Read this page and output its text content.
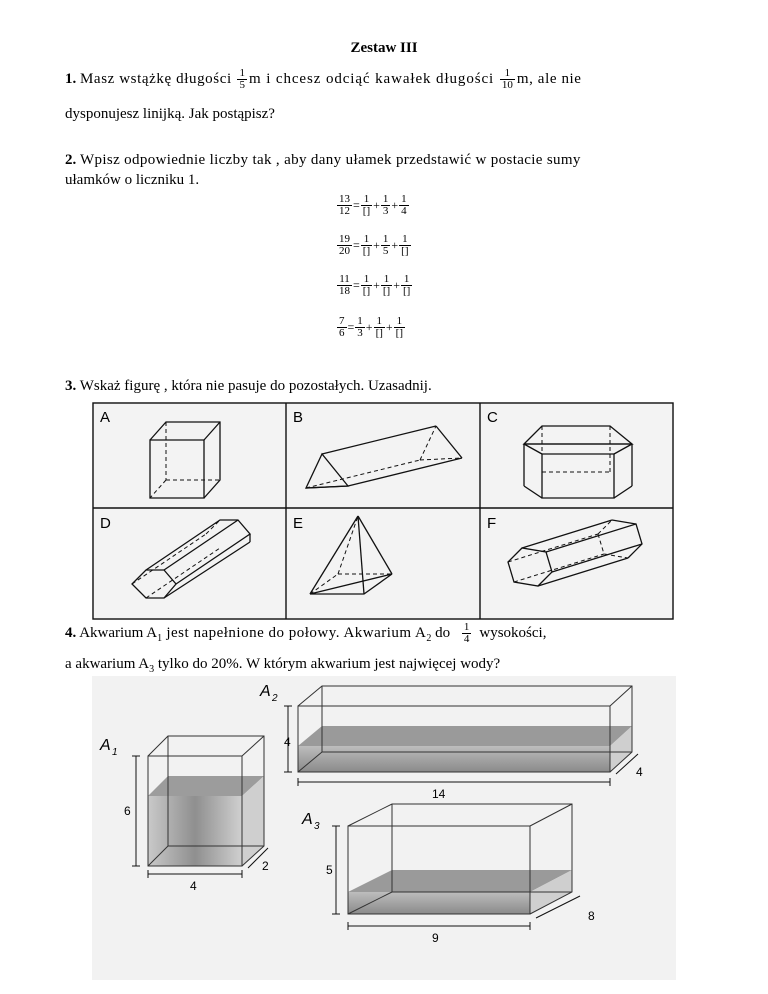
Zestaw III
1. Masz wstążkę długości $\frac{1}{5}$ m i chcesz odciąć kawałek długości $\frac{1}{10} m$, ale nie
dysponujesz linijką. Jak postąpisz?
2. Wpisz odpowiednie liczby tak , aby dany ułamek przedstawić w postacie sumy
ułamków o liczniku 1.
$\frac{13}{12} = \frac{1}{[]} + \frac{1}{3} + \frac{1}{4}$
$\frac{19}{20} = \frac{1}{[]} + \frac{1}{5} + \frac{1}{[]}$
$\frac{11}{18} = \frac{1}{[]} + \frac{1}{[]} + \frac{1}{[]}$
$\frac{7}{6} = \frac{1}{3} + \frac{1}{[]} + \frac{1}{[]}$
3. Wskaż figurę , która nie pasuje do pozostałych. Uzasadnij.
A	B	C
D	E	F
4. Akwarium $A_1$ jest napełnione do połowy. Akwarium $A_2$ do $\frac{1}{4}$ wysokości,
a akwarium $A_3$ tylko do 20%. W którym akwarium jest najwięcej wody?
A 1
6
4
2
A 2
4
14
4
A 3
5
9
8
